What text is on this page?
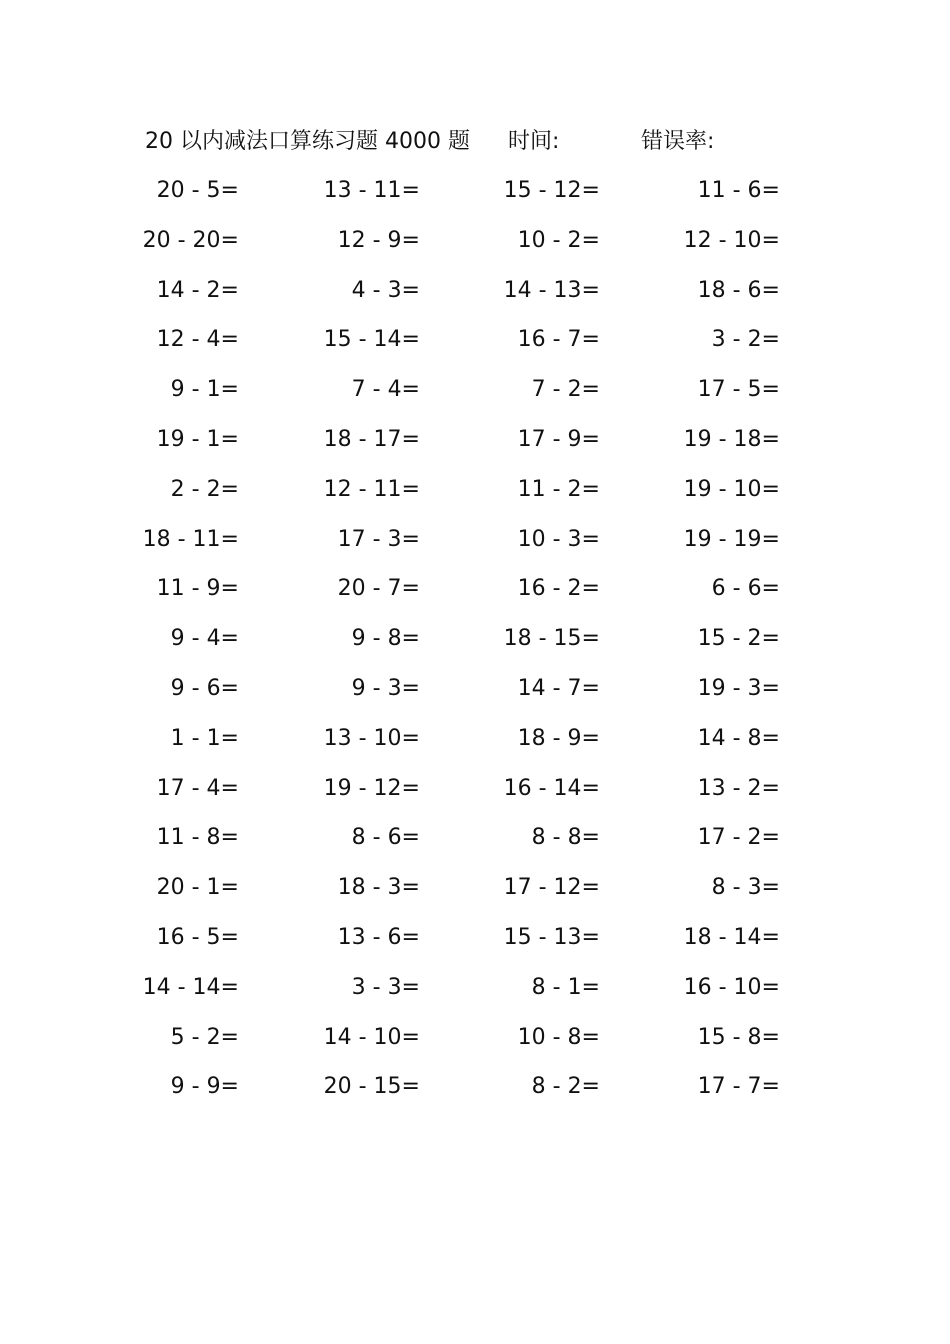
20 以内减法口算练习题 4000 题 时间:	错误率:
20 - 5=	13 - 11=	15 - 12=	11 - 6=
20 - 20=	12 - 9=	10 - 2=	12 - 10=
14 - 2=	4 - 3=	14 - 13=	18 - 6=
12 - 4=	15 - 14=	16 - 7=	3 - 2=
9 - 1=	7 - 4=	7 - 2=	17 - 5=
19 - 1=	18 - 17=	17 - 9=	19 - 18=
2 - 2=	12 - 11=	11 - 2=	19 - 10=
18 - 11=	17 - 3=	10 - 3=	19 - 19=
11 - 9=	20 - 7=	16 - 2=	6 - 6=
9 - 4=	9 - 8=	18 - 15=	15 - 2=
9 - 6=	9 - 3=	14 - 7=	19 - 3=
1 - 1=	13 - 10=	18 - 9=	14 - 8=
17 - 4=	19 - 12=	16 - 14=	13 - 2=
11 - 8=	8 - 6=	8 - 8=	17 - 2=
20 - 1=	18 - 3=	17 - 12=	8 - 3=
16 - 5=	13 - 6=	15 - 13=	18 - 14=
14 - 14=	3 - 3=	8 - 1=	16 - 10=
5 - 2=	14 - 10=	10 - 8=	15 - 8=
9 - 9=	20 - 15=	8 - 2=	17 - 7=
